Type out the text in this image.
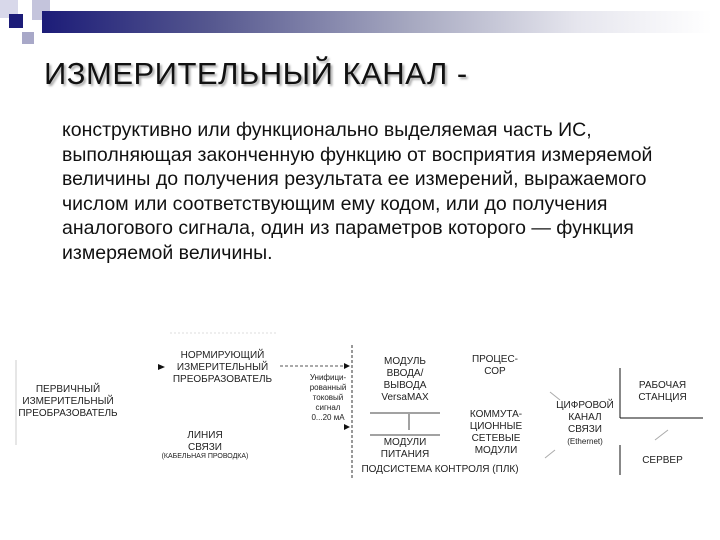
ИЗМЕРИТЕЛЬНЫЙ КАНАЛ -

конструктивно или функционально выделяемая часть ИС, выполняющая законченную функцию от восприятия измеряемой величины до получения результата ее измерений, выражаемого числом или соответствующим ему кодом, или до получения аналогового сигнала, один из параметров которого — функция измеряемой величины.

ПЕРВИЧНЫЙ ИЗМЕРИТЕЛЬНЫЙ ПРЕОБРАЗОВАТЕЛЬ
НОРМИРУЮЩИЙ ИЗМЕРИТЕЛЬНЫЙ ПРЕОБРАЗОВАТЕЛЬ
ЛИНИЯ СВЯЗИ
(КАБЕЛЬНАЯ ПРОВОДКА)
Унифици-рованный токовый сигнал 0...20 мА
МОДУЛЬ ВВОДА/ ВЫВОДА VersaMAX
ПРОЦЕС-СОР
МОДУЛИ ПИТАНИЯ
КОММУТА-ЦИОННЫЕ СЕТЕВЫЕ МОДУЛИ
ПОДСИСТЕМА КОНТРОЛЯ (ПЛК)
ЦИФРОВОЙ КАНАЛ СВЯЗИ
(Ethernet)
РАБОЧАЯ СТАНЦИЯ
СЕРВЕР
